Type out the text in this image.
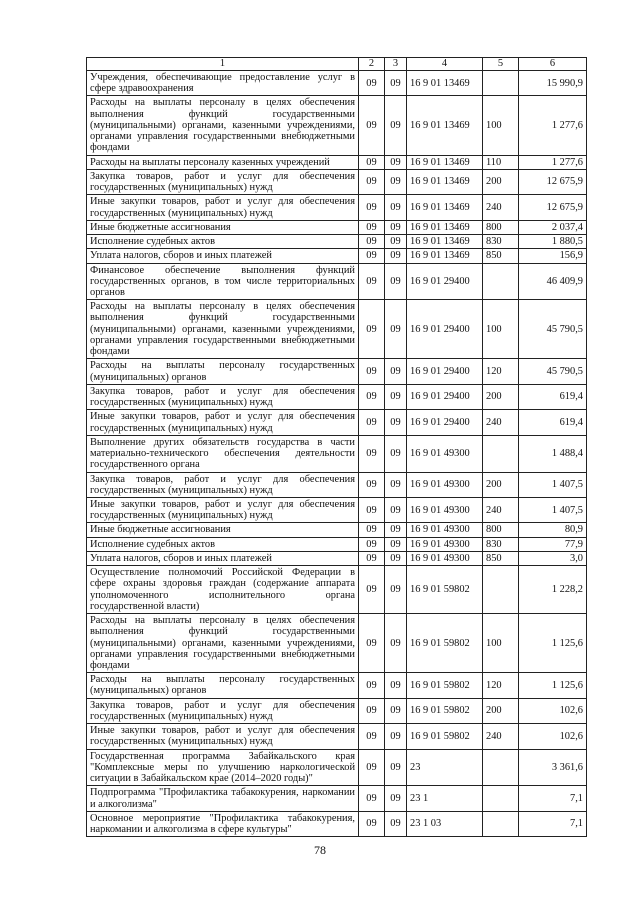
1	2	3	4	5	6
Учреждения, обеспечивающие предоставление услуг в сфере здравоохранения	09	09	16 9 01 13469		15 990,9
Расходы на выплаты персоналу в целях обеспечения выполнения функций государственными (муниципальными) органами, казенными учреждениями, органами управления государственными внебюджетными фондами	09	09	16 9 01 13469	100	1 277,6
Расходы на выплаты персоналу казенных учреждений	09	09	16 9 01 13469	110	1 277,6
Закупка товаров, работ и услуг для обеспечения государственных (муниципальных) нужд	09	09	16 9 01 13469	200	12 675,9
Иные закупки товаров, работ и услуг для обеспечения государственных (муниципальных) нужд	09	09	16 9 01 13469	240	12 675,9
Иные бюджетные ассигнования	09	09	16 9 01 13469	800	2 037,4
Исполнение судебных актов	09	09	16 9 01 13469	830	1 880,5
Уплата налогов, сборов и иных платежей	09	09	16 9 01 13469	850	156,9
Финансовое обеспечение выполнения функций государственных органов, в том числе территориальных органов	09	09	16 9 01 29400		46 409,9
Расходы на выплаты персоналу в целях обеспечения выполнения функций государственными (муниципальными) органами, казенными учреждениями, органами управления государственными внебюджетными фондами	09	09	16 9 01 29400	100	45 790,5
Расходы на выплаты персоналу государственных (муниципальных) органов	09	09	16 9 01 29400	120	45 790,5
Закупка товаров, работ и услуг для обеспечения государственных (муниципальных) нужд	09	09	16 9 01 29400	200	619,4
Иные закупки товаров, работ и услуг для обеспечения государственных (муниципальных) нужд	09	09	16 9 01 29400	240	619,4
Выполнение других обязательств государства в части материально-технического обеспечения деятельности государственного органа	09	09	16 9 01 49300		1 488,4
Закупка товаров, работ и услуг для обеспечения государственных (муниципальных) нужд	09	09	16 9 01 49300	200	1 407,5
Иные закупки товаров, работ и услуг для обеспечения государственных (муниципальных) нужд	09	09	16 9 01 49300	240	1 407,5
Иные бюджетные ассигнования	09	09	16 9 01 49300	800	80,9
Исполнение судебных актов	09	09	16 9 01 49300	830	77,9
Уплата налогов, сборов и иных платежей	09	09	16 9 01 49300	850	3,0
Осуществление полномочий Российской Федерации в сфере охраны здоровья граждан (содержание аппарата уполномоченного исполнительного органа государственной власти)	09	09	16 9 01 59802		1 228,2
Расходы на выплаты персоналу в целях обеспечения выполнения функций государственными (муниципальными) органами, казенными учреждениями, органами управления государственными внебюджетными фондами	09	09	16 9 01 59802	100	1 125,6
Расходы на выплаты персоналу государственных (муниципальных) органов	09	09	16 9 01 59802	120	1 125,6
Закупка товаров, работ и услуг для обеспечения государственных (муниципальных) нужд	09	09	16 9 01 59802	200	102,6
Иные закупки товаров, работ и услуг для обеспечения государственных (муниципальных) нужд	09	09	16 9 01 59802	240	102,6
Государственная программа Забайкальского края "Комплексные меры по улучшению наркологической ситуации в Забайкальском крае (2014–2020 годы)"	09	09	23		3 361,6
Подпрограмма "Профилактика табакокурения, наркомании и алкоголизма"	09	09	23 1		7,1
Основное мероприятие "Профилактика табакокурения, наркомании и алкоголизма в сфере культуры"	09	09	23 1 03		7,1
78
